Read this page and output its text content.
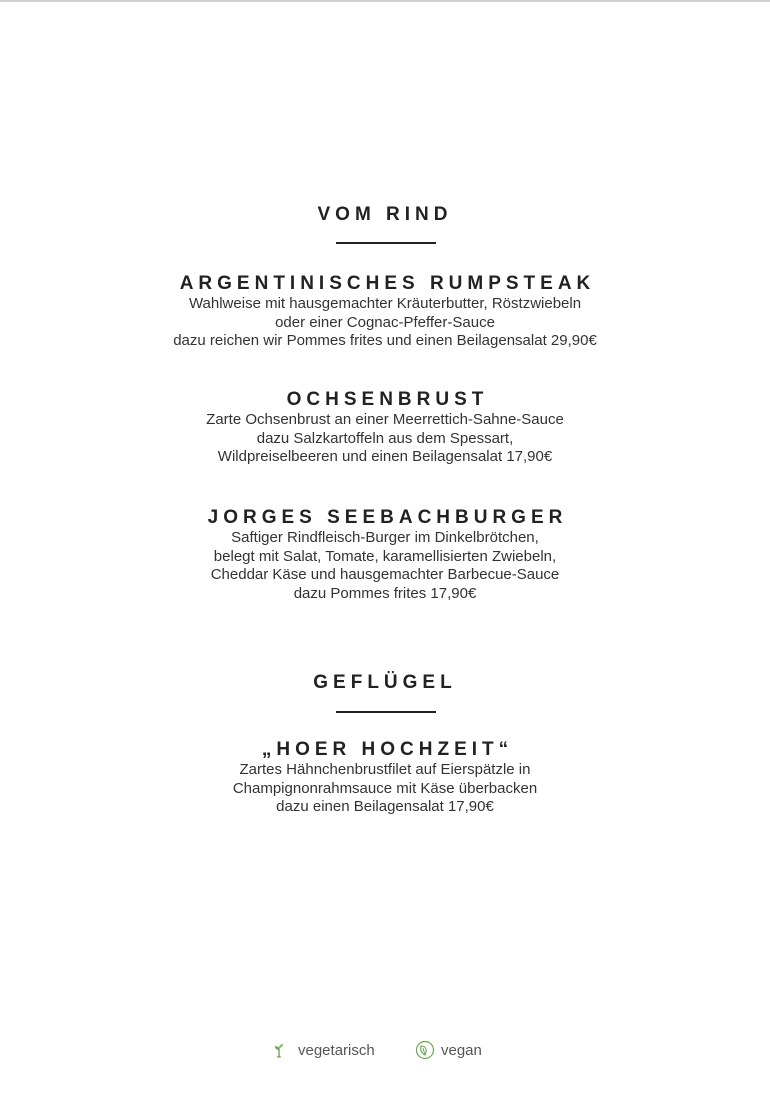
VOM RIND
ARGENTINISCHES RUMPSTEAK
Wahlweise mit hausgemachter Kräuterbutter, Röstzwiebeln
oder einer Cognac-Pfeffer-Sauce
dazu reichen wir Pommes frites und einen Beilagensalat 29,90€
OCHSENBRUST
Zarte Ochsenbrust an einer Meerrettich-Sahne-Sauce
dazu Salzkartoffeln aus dem Spessart,
Wildpreiselbeeren und einen Beilagensalat 17,90€
JORGES SEEBACHBURGER
Saftiger Rindfleisch-Burger im Dinkelbrötchen,
belegt mit Salat, Tomate, karamellisierten Zwiebeln,
Cheddar Käse und hausgemachter Barbecue-Sauce
dazu Pommes frites 17,90€
GEFLÜGEL
„HOER HOCHZEIT“
Zartes Hähnchenbrustfilet auf Eierspätzle in
Champignonrahmsauce mit Käse überbacken
dazu einen Beilagensalat 17,90€
vegetarisch	vegan
